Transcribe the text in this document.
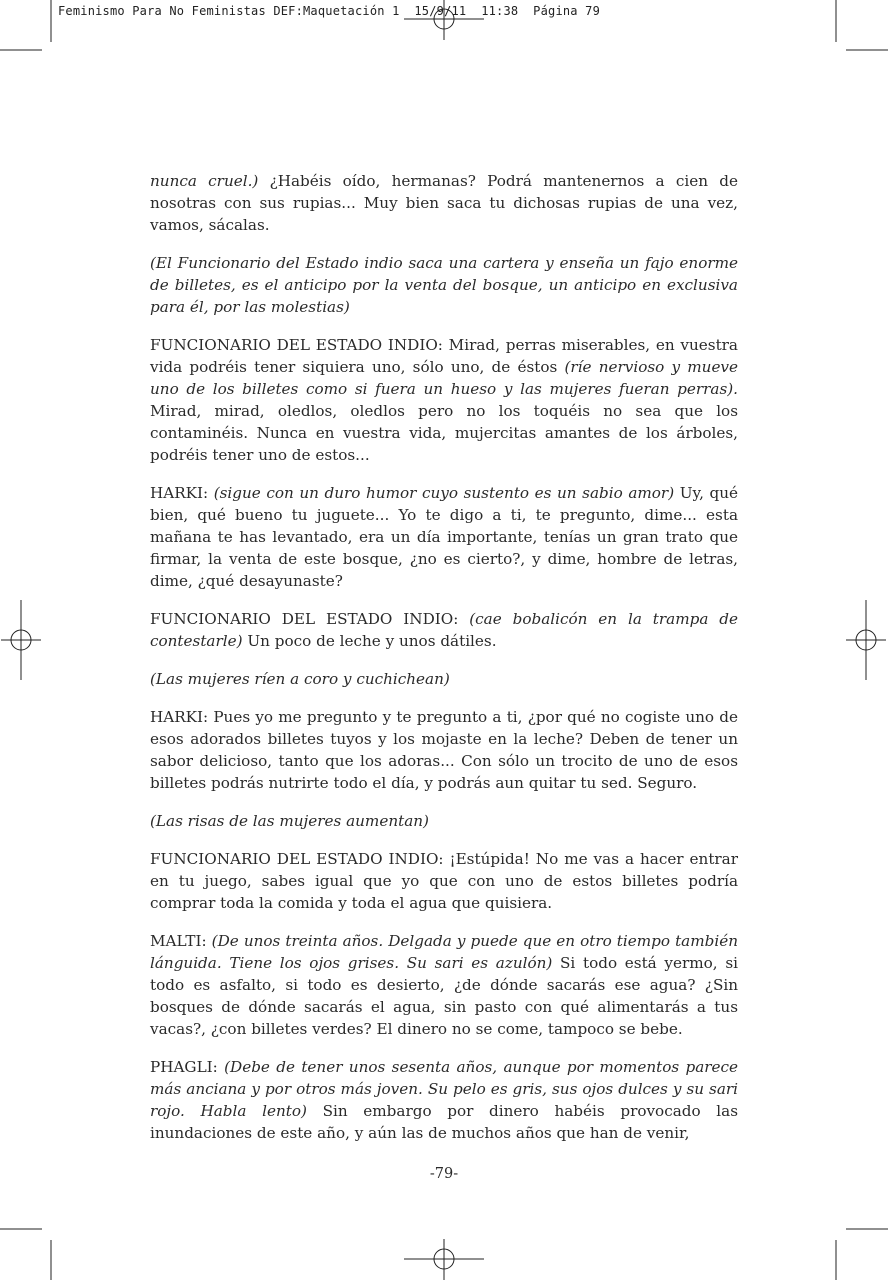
Feminismo Para No Feministas DEF:Maquetación 1  15/9/11  11:38  Página 79

nunca cruel.) ¿Habéis oído, hermanas? Podrá mantenernos a cien de nosotras con sus rupias... Muy bien saca tu dichosas rupias de una vez, vamos, sácalas.

(El Funcionario del Estado indio saca una cartera y enseña un fajo enorme de billetes, es el anticipo por la venta del bosque, un anticipo en exclusiva para él, por las molestias)

FUNCIONARIO DEL ESTADO INDIO: Mirad, perras miserables, en vuestra vida podréis tener siquiera uno, sólo uno, de éstos (ríe nervioso y mueve uno de los billetes como si fuera un hueso y las mujeres fueran perras). Mirad, mirad, oledlos, oledlos pero no los toquéis no sea que los contaminéis. Nunca en vuestra vida, mujercitas amantes de los árboles, podréis tener uno de estos...

HARKI: (sigue con un duro humor cuyo sustento es un sabio amor) Uy, qué bien, qué bueno tu juguete... Yo te digo a ti, te pregunto, dime... esta mañana te has levantado, era un día importante, tenías un gran trato que firmar, la venta de este bosque, ¿no es cierto?, y dime, hombre de letras, dime, ¿qué desayunaste?

FUNCIONARIO DEL ESTADO INDIO: (cae bobalicón en la trampa de contestarle) Un poco de leche y unos dátiles.

(Las mujeres ríen a coro y cuchichean)

HARKI: Pues yo me pregunto y te pregunto a ti, ¿por qué no cogiste uno de esos adorados billetes tuyos y los mojaste en la leche? Deben de tener un sabor delicioso, tanto que los adoras... Con sólo un trocito de uno de esos billetes podrás nutrirte todo el día, y podrás aun quitar tu sed. Seguro.

(Las risas de las mujeres aumentan)

FUNCIONARIO DEL ESTADO INDIO: ¡Estúpida! No me vas a hacer entrar en tu juego, sabes igual que yo que con uno de estos billetes podría comprar toda la comida y toda el agua que quisiera.

MALTI: (De unos treinta años. Delgada y puede que en otro tiempo también lánguida. Tiene los ojos grises. Su sari es azulón) Si todo está yermo, si todo es asfalto, si todo es desierto, ¿de dónde sacarás ese agua? ¿Sin bosques de dónde sacarás el agua, sin pasto con qué alimentarás a tus vacas?, ¿con billetes verdes? El dinero no se come, tampoco se bebe.

PHAGLI: (Debe de tener unos sesenta años, aunque por momentos parece más anciana y por otros más joven. Su pelo es gris, sus ojos dulces y su sari rojo. Habla lento) Sin embargo por dinero habéis provocado las inundaciones de este año, y aún las de muchos años que han de venir,

-79-
